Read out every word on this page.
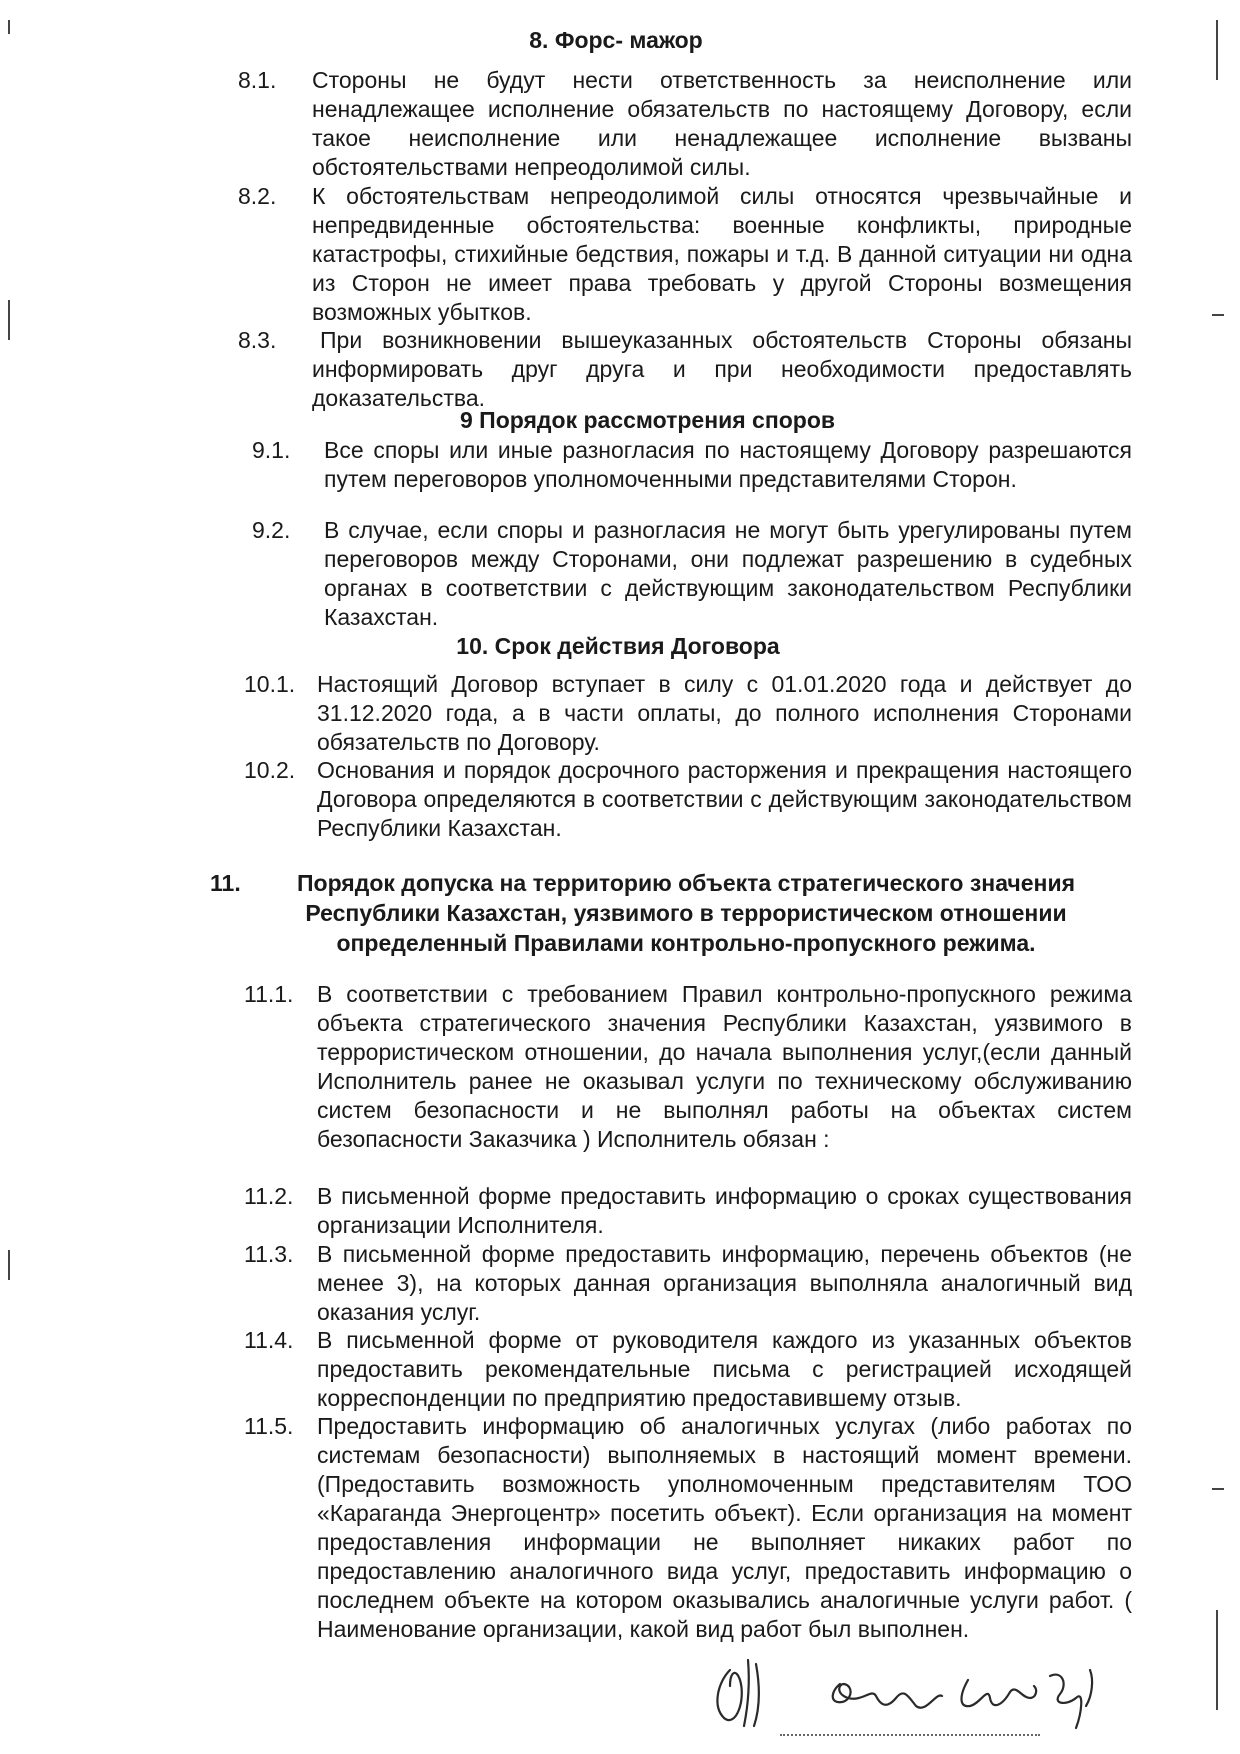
8. Форс- мажор
8.1. Стороны не будут нести ответственность за неисполнение или ненадлежащее исполнение обязательств по настоящему Договору, если такое неисполнение или ненадлежащее исполнение вызваны обстоятельствами непреодолимой силы.
8.2. К обстоятельствам непреодолимой силы относятся чрезвычайные и непредвиденные обстоятельства: военные конфликты, природные катастрофы, стихийные бедствия, пожары и т.д. В данной ситуации ни одна из Сторон не имеет права требовать у другой Стороны возмещения возможных убытков.
8.3.	При возникновении вышеуказанных обстоятельств Стороны обязаны информировать друг друга и при необходимости предоставлять доказательства.
9 Порядок рассмотрения споров
9.1. Все споры или иные разногласия по настоящему Договору разрешаются путем переговоров уполномоченными представителями Сторон.
9.2. В случае, если споры и разногласия не могут быть урегулированы путем переговоров между Сторонами, они подлежат разрешению в судебных органах в соответствии с действующим законодательством Республики Казахстан.
10. Срок действия Договора
10.1. Настоящий Договор вступает в силу с 01.01.2020 года и действует до 31.12.2020 года, а в части оплаты, до полного исполнения Сторонами обязательств по Договору.
10.2. Основания и порядок досрочного расторжения и прекращения настоящего Договора определяются в соответствии с действующим законодательством Республики Казахстан.
11.	Порядок допуска на территорию объекта стратегического значения Республики Казахстан, уязвимого в террористическом отношении определенный Правилами контрольно-пропускного режима.
11.1. В соответствии с требованием Правил контрольно-пропускного режима объекта стратегического значения Республики Казахстан, уязвимого в террористическом отношении, до начала выполнения услуг,(если данный Исполнитель ранее не оказывал услуги по техническому обслуживанию систем безопасности и не выполнял работы на объектах систем безопасности Заказчика ) Исполнитель обязан :
11.2. В письменной форме предоставить информацию о сроках существования организации Исполнителя.
11.3. В письменной форме предоставить информацию, перечень объектов (не менее 3), на которых данная организация выполняла аналогичный вид оказания услуг.
11.4. В письменной форме от руководителя каждого из указанных объектов предоставить рекомендательные письма с регистрацией исходящей корреспонденции по предприятию предоставившему отзыв.
11.5. Предоставить информацию об аналогичных услугах (либо работах по системам безопасности) выполняемых в настоящий момент времени. (Предоставить возможность уполномоченным представителям ТОО «Караганда Энергоцентр» посетить объект). Если организация на момент предоставления информации не выполняет никаких работ по предоставлению аналогичного вида услуг, предоставить информацию о последнем объекте на котором оказывались аналогичные услуги работ. ( Наименование организации, какой вид работ был выполнен.
